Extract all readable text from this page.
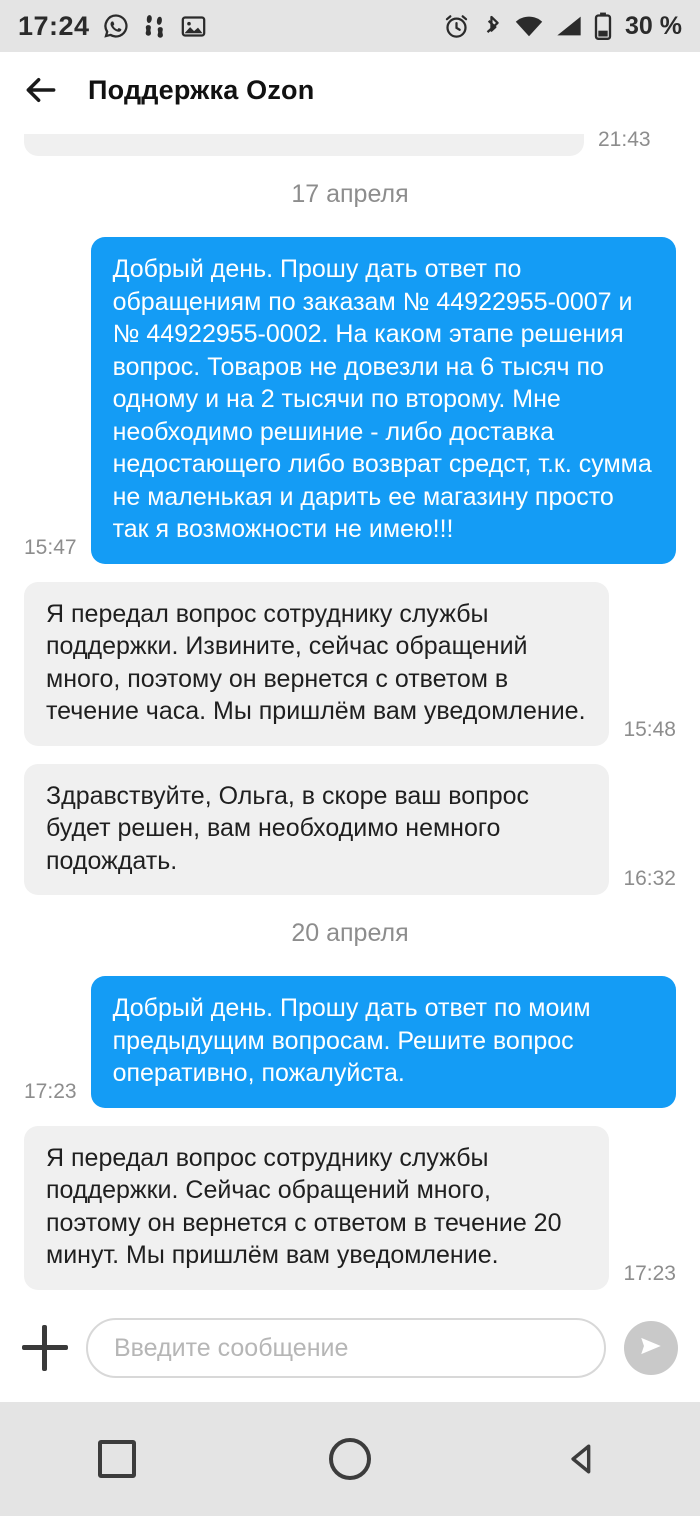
17:24	30 %
Поддержка Ozon
21:43
17 апреля
15:47
Добрый день. Прошу дать ответ по обращениям по заказам № 44922955-0007 и № 44922955-0002. На каком этапе решения вопрос. Товаров не довезли на 6 тысяч по одному и на 2 тысячи по второму. Мне необходимо решиние - либо доставка недостающего либо возврат средст, т.к. сумма не маленькая и дарить ее магазину просто так я возможности не имею!!!
Я передал вопрос сотруднику службы поддержки. Извините, сейчас обращений много, поэтому он вернется с ответом в течение часа. Мы пришлём вам уведомление.
15:48
Здравствуйте, Ольга, в скоре ваш вопрос будет решен, вам необходимо немного подождать.
16:32
20 апреля
17:23
Добрый день. Прошу дать ответ по моим предыдущим вопросам. Решите вопрос оперативно, пожалуйста.
Я передал вопрос сотруднику службы поддержки. Сейчас обращений много, поэтому он вернется с ответом в течение 20 минут. Мы пришлём вам уведомление.
17:23
Введите сообщение
